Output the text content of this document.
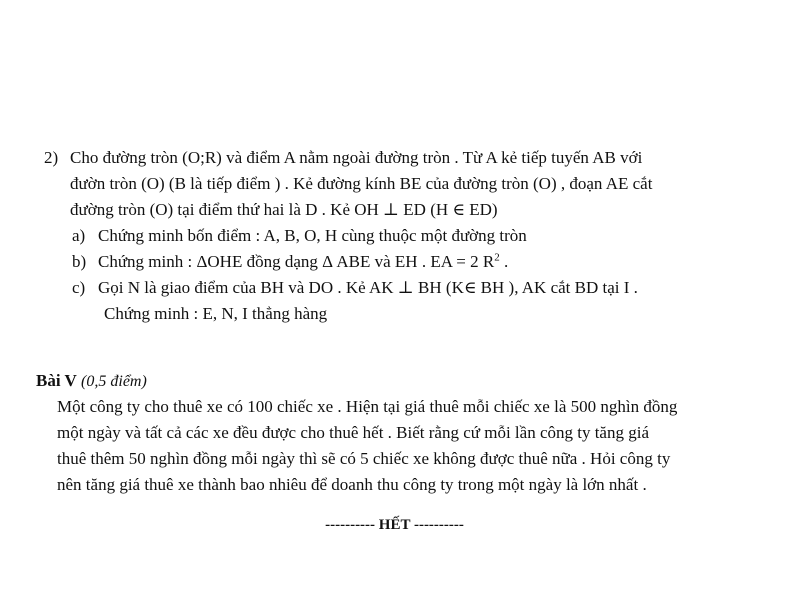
2) Cho đường tròn (O;R) và điểm A nằm ngoài đường tròn . Từ A kẻ tiếp tuyến AB với
đườn tròn (O) (B là tiếp điểm ) . Kẻ đường kính BE của đường tròn (O) , đoạn AE cắt
đường tròn (O) tại điểm thứ hai là D . Kẻ OH ⊥ ED (H ∈ ED)
a) Chứng minh bốn điểm : A, B, O, H cùng thuộc một đường tròn
b) Chứng minh : ΔOHE đồng dạng Δ ABE và EH . EA = 2 $R^2$ .
c) Gọi N là giao điểm của BH và DO . Kẻ AK ⊥ BH (K∈ BH ), AK cắt BD tại I .
Chứng minh : E, N, I thẳng hàng
Bài V (0,5 điểm)
Một công ty cho thuê xe có 100 chiếc xe . Hiện tại giá thuê mỗi chiếc xe là 500 nghìn đồng
một ngày và tất cả các xe đều được cho thuê hết . Biết rằng cứ mỗi lần công ty tăng giá
thuê thêm 50 nghìn đồng mỗi ngày thì sẽ có 5 chiếc xe không được thuê nữa . Hỏi công ty
nên tăng giá thuê xe thành bao nhiêu để doanh thu công ty trong một ngày là lớn nhất .
---------- HẾT ----------
